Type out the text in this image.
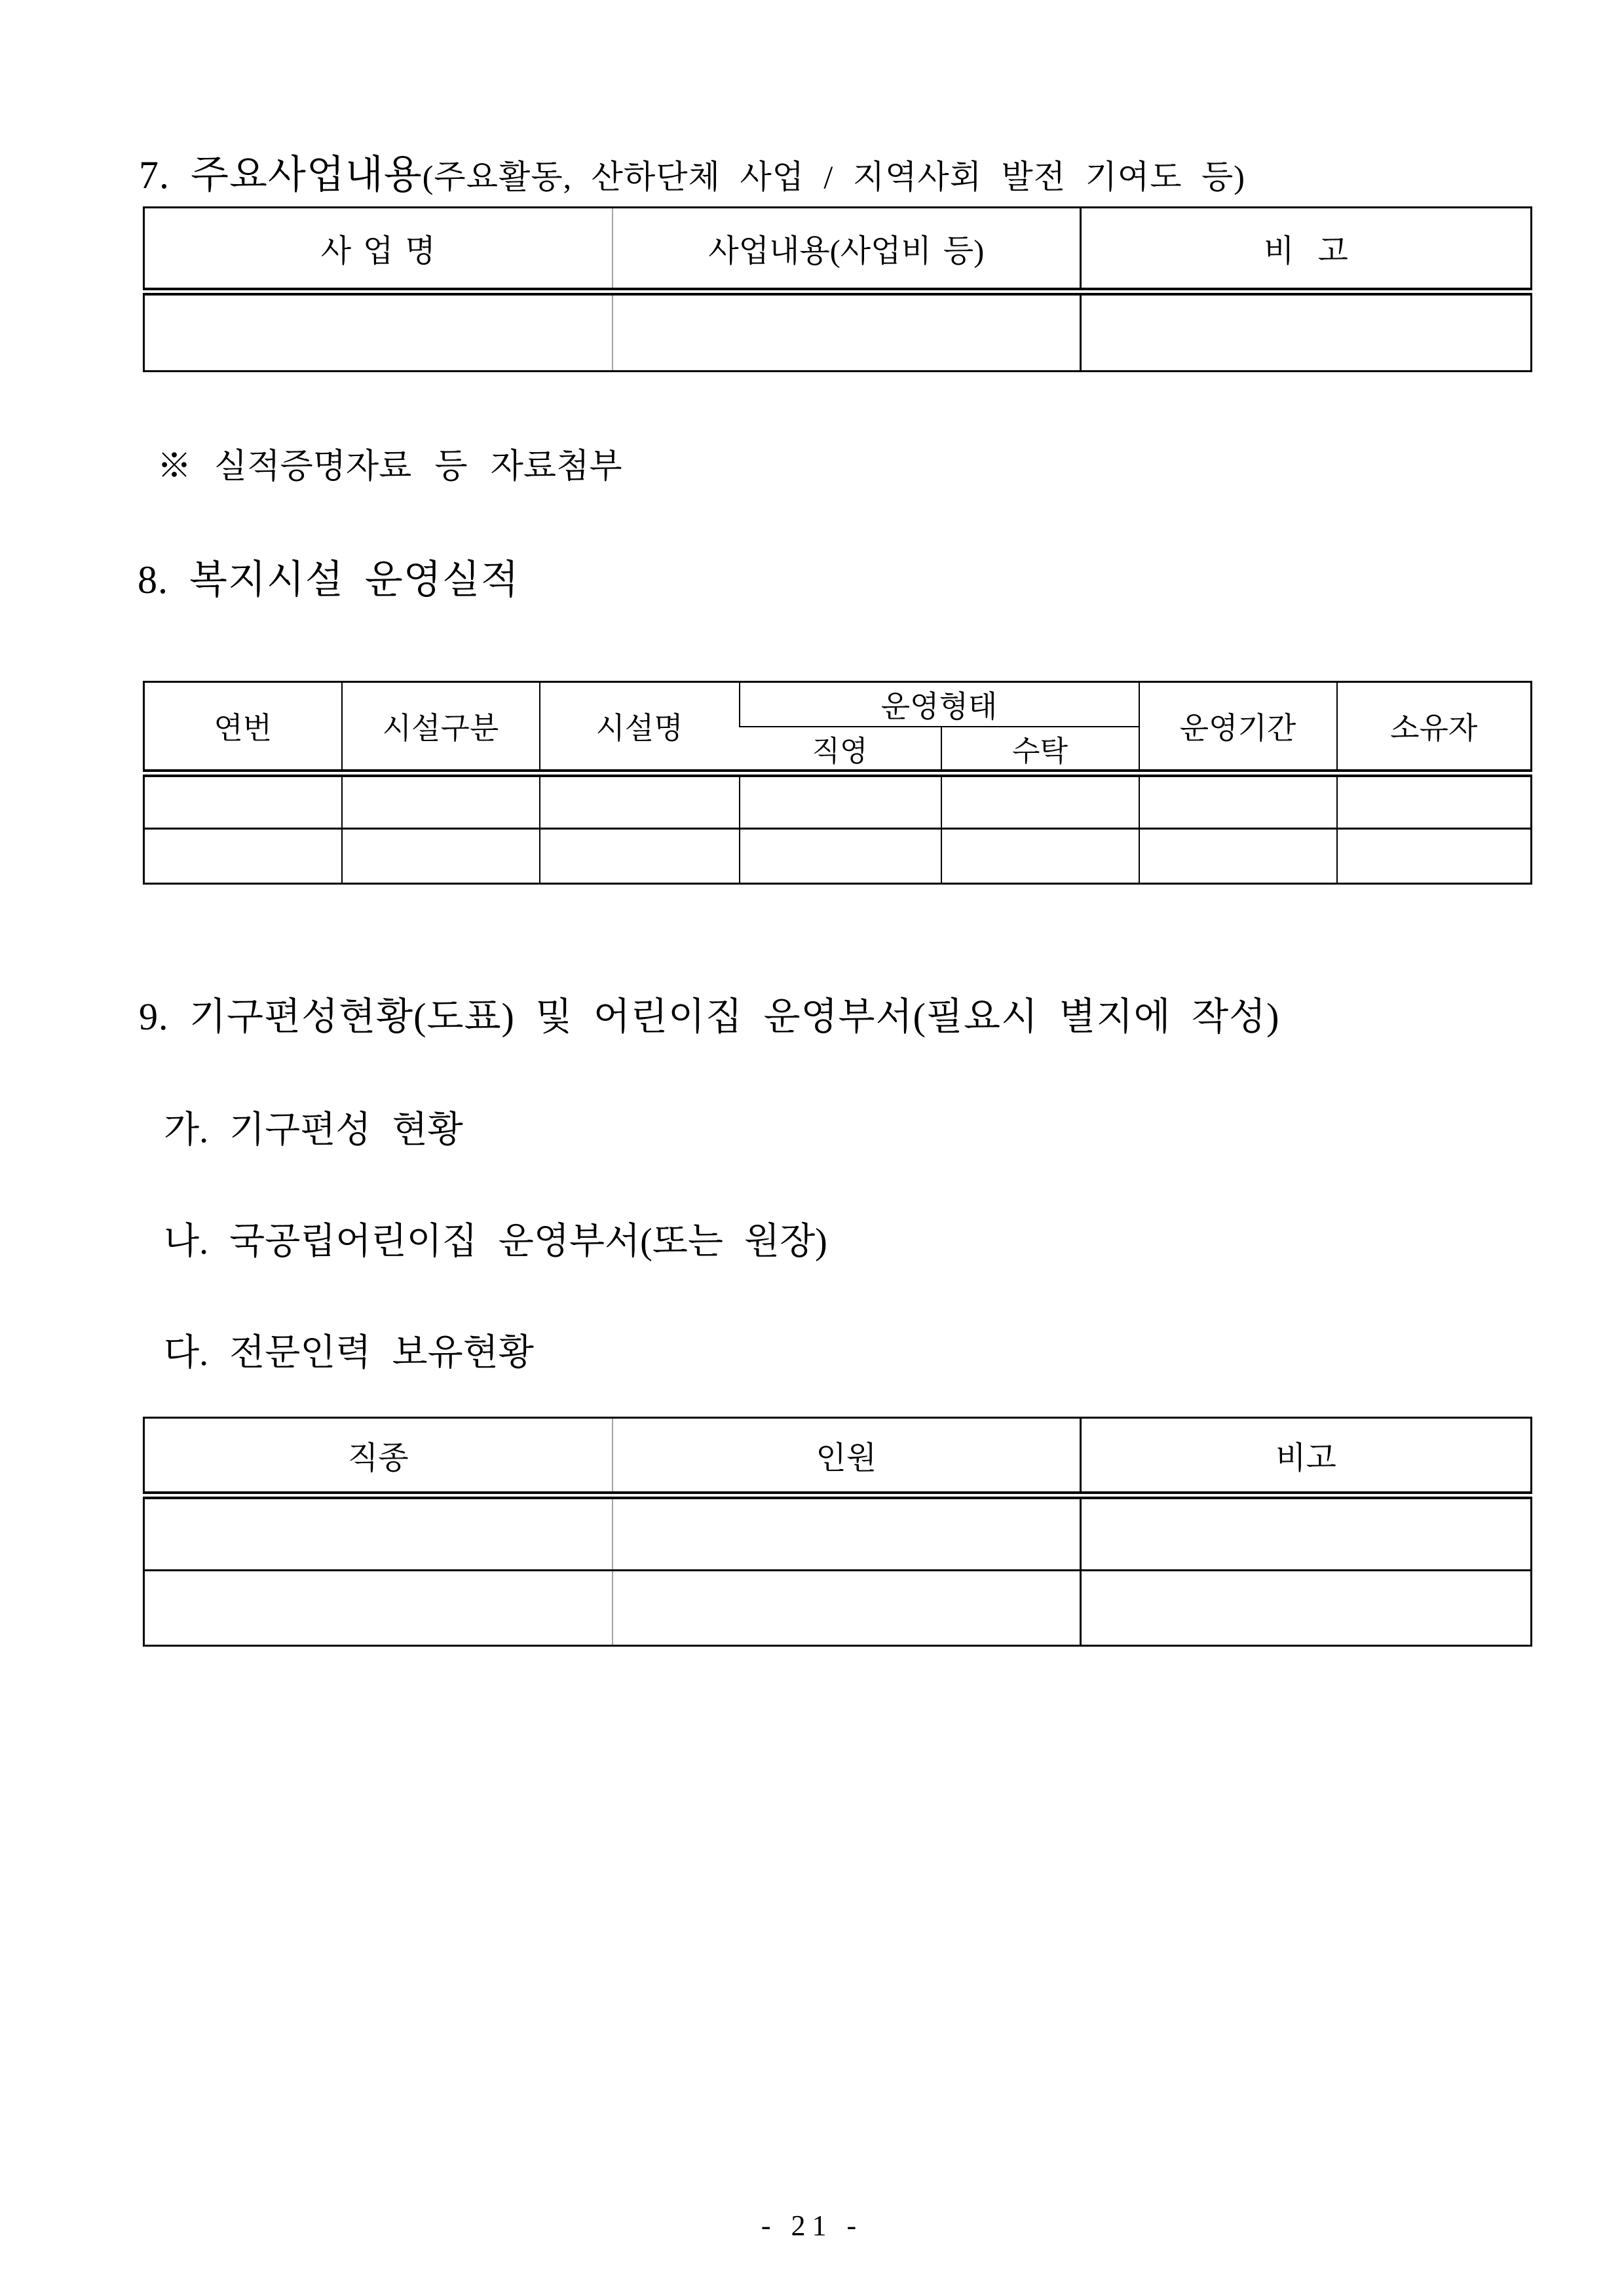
7. 주요사업내용(주요활동, 산하단체 사업 / 지역사회 발전 기여도 등)
사 업 명	사업내용(사업비 등)	비  고

※ 실적증명자료 등 자료첨부
8. 복지시설 운영실적
연번	시설구분	시설명	운영형태		운영기간	소유자
			직영	수탁		

9. 기구편성현황(도표) 및 어린이집 운영부서(필요시 별지에 작성)
가. 기구편성 현황
나. 국공립어린이집 운영부서(또는 원장)
다. 전문인력 보유현황
직종	인원	비고

- 21 -
